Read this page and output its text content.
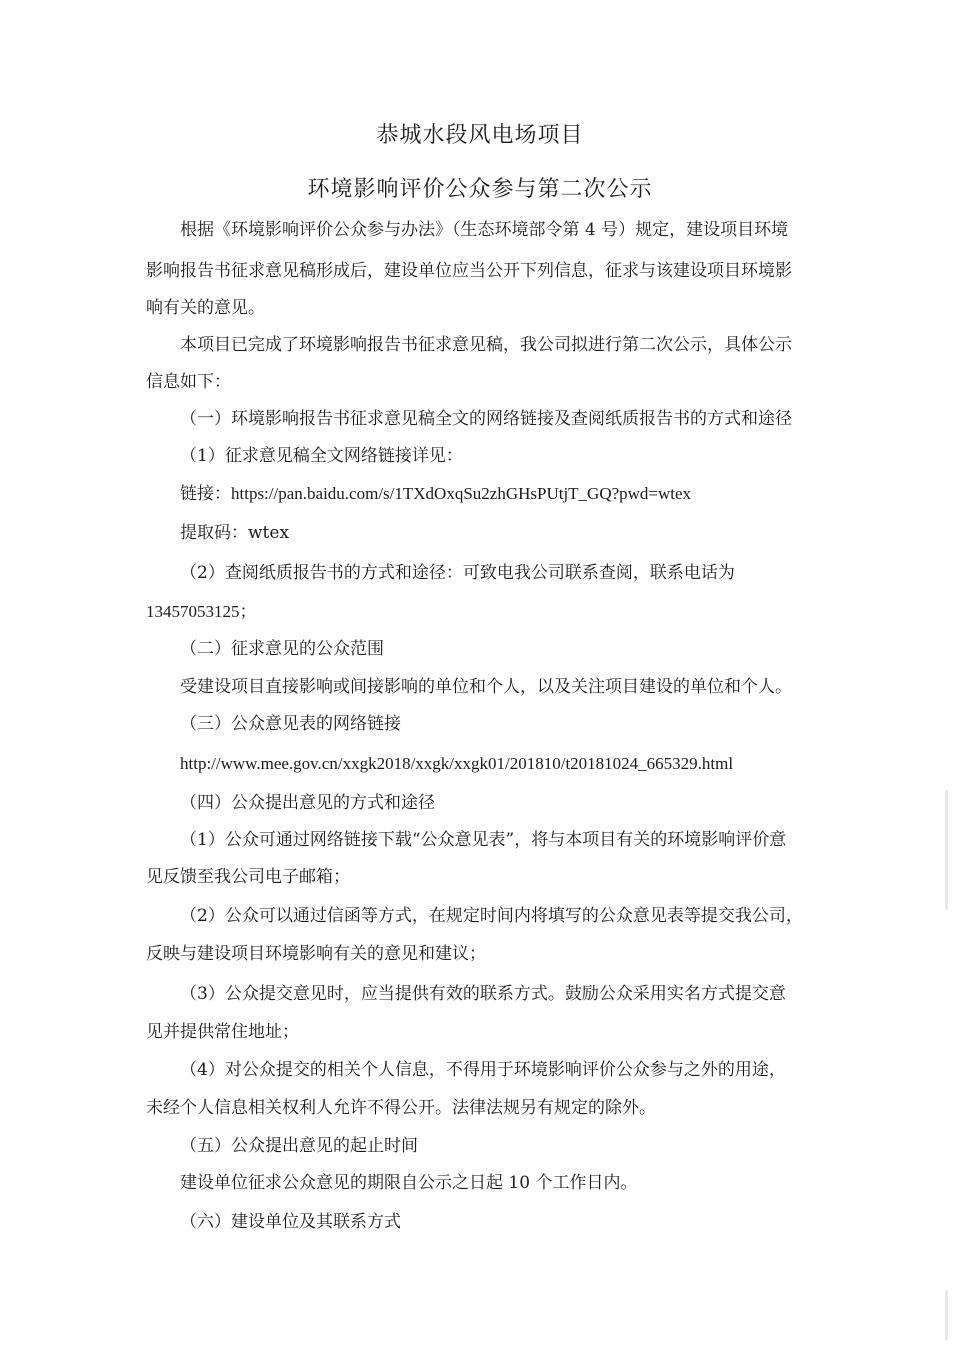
恭城水段风电场项目
环境影响评价公众参与第二次公示
根据《环境影响评价公众参与办法》（生态环境部令第 4 号）规定，建设项目环境
影响报告书征求意见稿形成后，建设单位应当公开下列信息，征求与该建设项目环境影
响有关的意见。
本项目已完成了环境影响报告书征求意见稿，我公司拟进行第二次公示，具体公示
信息如下：
（一）环境影响报告书征求意见稿全文的网络链接及查阅纸质报告书的方式和途径
（1）征求意见稿全文网络链接详见：
链接：https://pan.baidu.com/s/1TXdOxqSu2zhGHsPUtjT_GQ?pwd=wtex
提取码：wtex
（2）查阅纸质报告书的方式和途径：可致电我公司联系查阅，联系电话为
13457053125；
（二）征求意见的公众范围
受建设项目直接影响或间接影响的单位和个人，以及关注项目建设的单位和个人。
（三）公众意见表的网络链接
http://www.mee.gov.cn/xxgk2018/xxgk/xxgk01/201810/t20181024_665329.html
（四）公众提出意见的方式和途径
（1）公众可通过网络链接下载“公众意见表”，将与本项目有关的环境影响评价意
见反馈至我公司电子邮箱；
（2）公众可以通过信函等方式，在规定时间内将填写的公众意见表等提交我公司，
反映与建设项目环境影响有关的意见和建议；
（3）公众提交意见时，应当提供有效的联系方式。鼓励公众采用实名方式提交意
见并提供常住地址；
（4）对公众提交的相关个人信息，不得用于环境影响评价公众参与之外的用途，
未经个人信息相关权利人允许不得公开。法律法规另有规定的除外。
（五）公众提出意见的起止时间
建设单位征求公众意见的期限自公示之日起 10 个工作日内。
（六）建设单位及其联系方式
